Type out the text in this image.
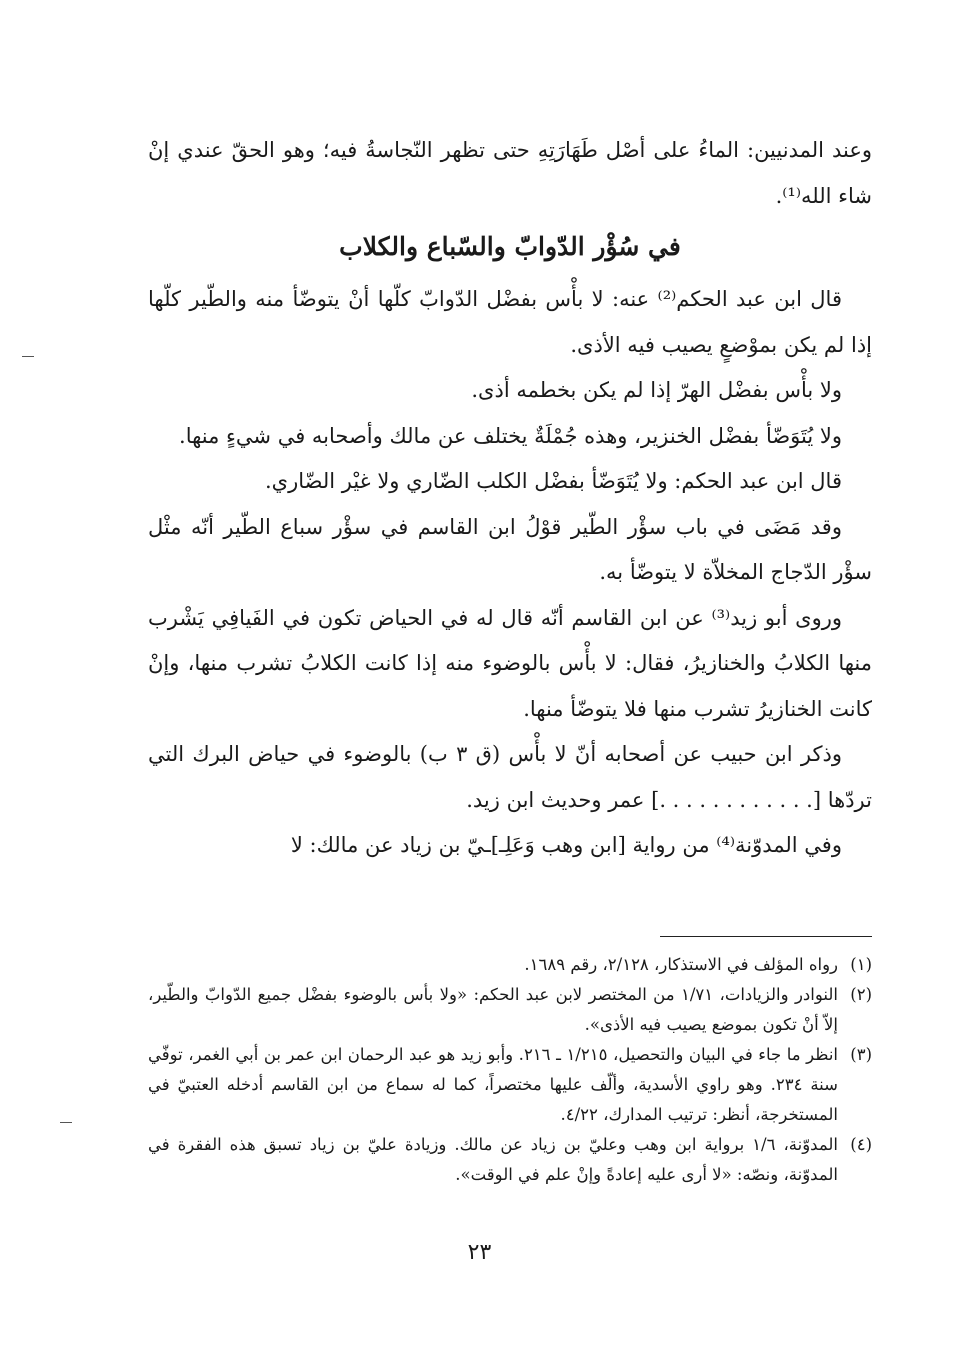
وعند المدنيين: الماءُ على أصْل طَهَارَتِهِ حتى تظهر النّجاسةُ فيه؛ وهو الحقّ عندي إنْ شاء الله⁽¹⁾.

في سُؤْر الدّوابّ والسّباع والكلاب

قال ابن عبد الحكم⁽²⁾ عنه: لا بأْس بفضْل الدّوابّ كلّها أنْ يتوضّأ منه والطّير كلّها إذا لم يكن بموْضعٍ يصيب فيه الأذى.

ولا بأْس بفضْل الهرّ إذا لم يكن بخطمه أذى.

ولا يُتَوَضّأ بفضْل الخنزير، وهذه جُمْلَةٌ يختلف عن مالك وأصحابه في شيءٍ منها.

قال ابن عبد الحكم: ولا يُتَوَضّأ بفضْل الكلب الضّاري ولا غيْر الضّاري.

وقد مَضَى في باب سؤْر الطّير قوْلُ ابن القاسم في سؤْر سباع الطّير أنّه مثْل سؤْر الدّجاج المخلاّة لا يتوضّأ به.

وروى أبو زيد⁽³⁾ عن ابن القاسم أنّه قال له في الحياض تكون في الفَيافِي يَشْرب منها الكلابُ والخنازيرُ، فقال: لا بأْس بالوضوء منه إذا كانت الكلابُ تشرب منها، وإنْ كانت الخنازيرُ تشرب منها فلا يتوضّأ منها.

وذكر ابن حبيب عن أصحابه أنّ لا بأْس (ق ٣ ب) بالوضوء في حياض البرك التي تردّها [. . . . . . . . . . . .] عمر وحديث ابن زيد.

وفي المدوّنة⁽⁴⁾ من رواية [ابن وهب وَعَلِـ]ـيّ بن زياد عن مالك: لا

(١)
رواه المؤلف في الاستذكار، ٢/١٢٨، رقم ١٦٨٩.
(٢)
النوادر والزيادات، ١/٧١ من المختصر لابن عبد الحكم: «ولا بأس بالوضوء بفضْل جميع الدّوابّ والطّير، إلاّ أنْ تكون بموضع يصيب فيه الأذى».
(٣)
انظر ما جاء في البيان والتحصيل، ١/٢١٥ ـ ٢١٦. وأبو زيد هو عبد الرحمان ابن عمر بن أبي الغمر، توفّي سنة ٢٣٤. وهو راوي الأسدية، وألّف عليها مختصراً، كما له سماع من ابن القاسم أدخله العتبيّ في المستخرجة، أنظر: ترتيب المدارك، ٤/٢٢.
(٤)
المدوّنة، ١/٦ برواية ابن وهب وعليّ بن زياد عن مالك. وزيادة عليّ بن زياد تسبق هذه الفقرة في المدوّنة، ونصّه: «لا أرى عليه إعادةً وإنْ علم في الوقت».
٢٣
